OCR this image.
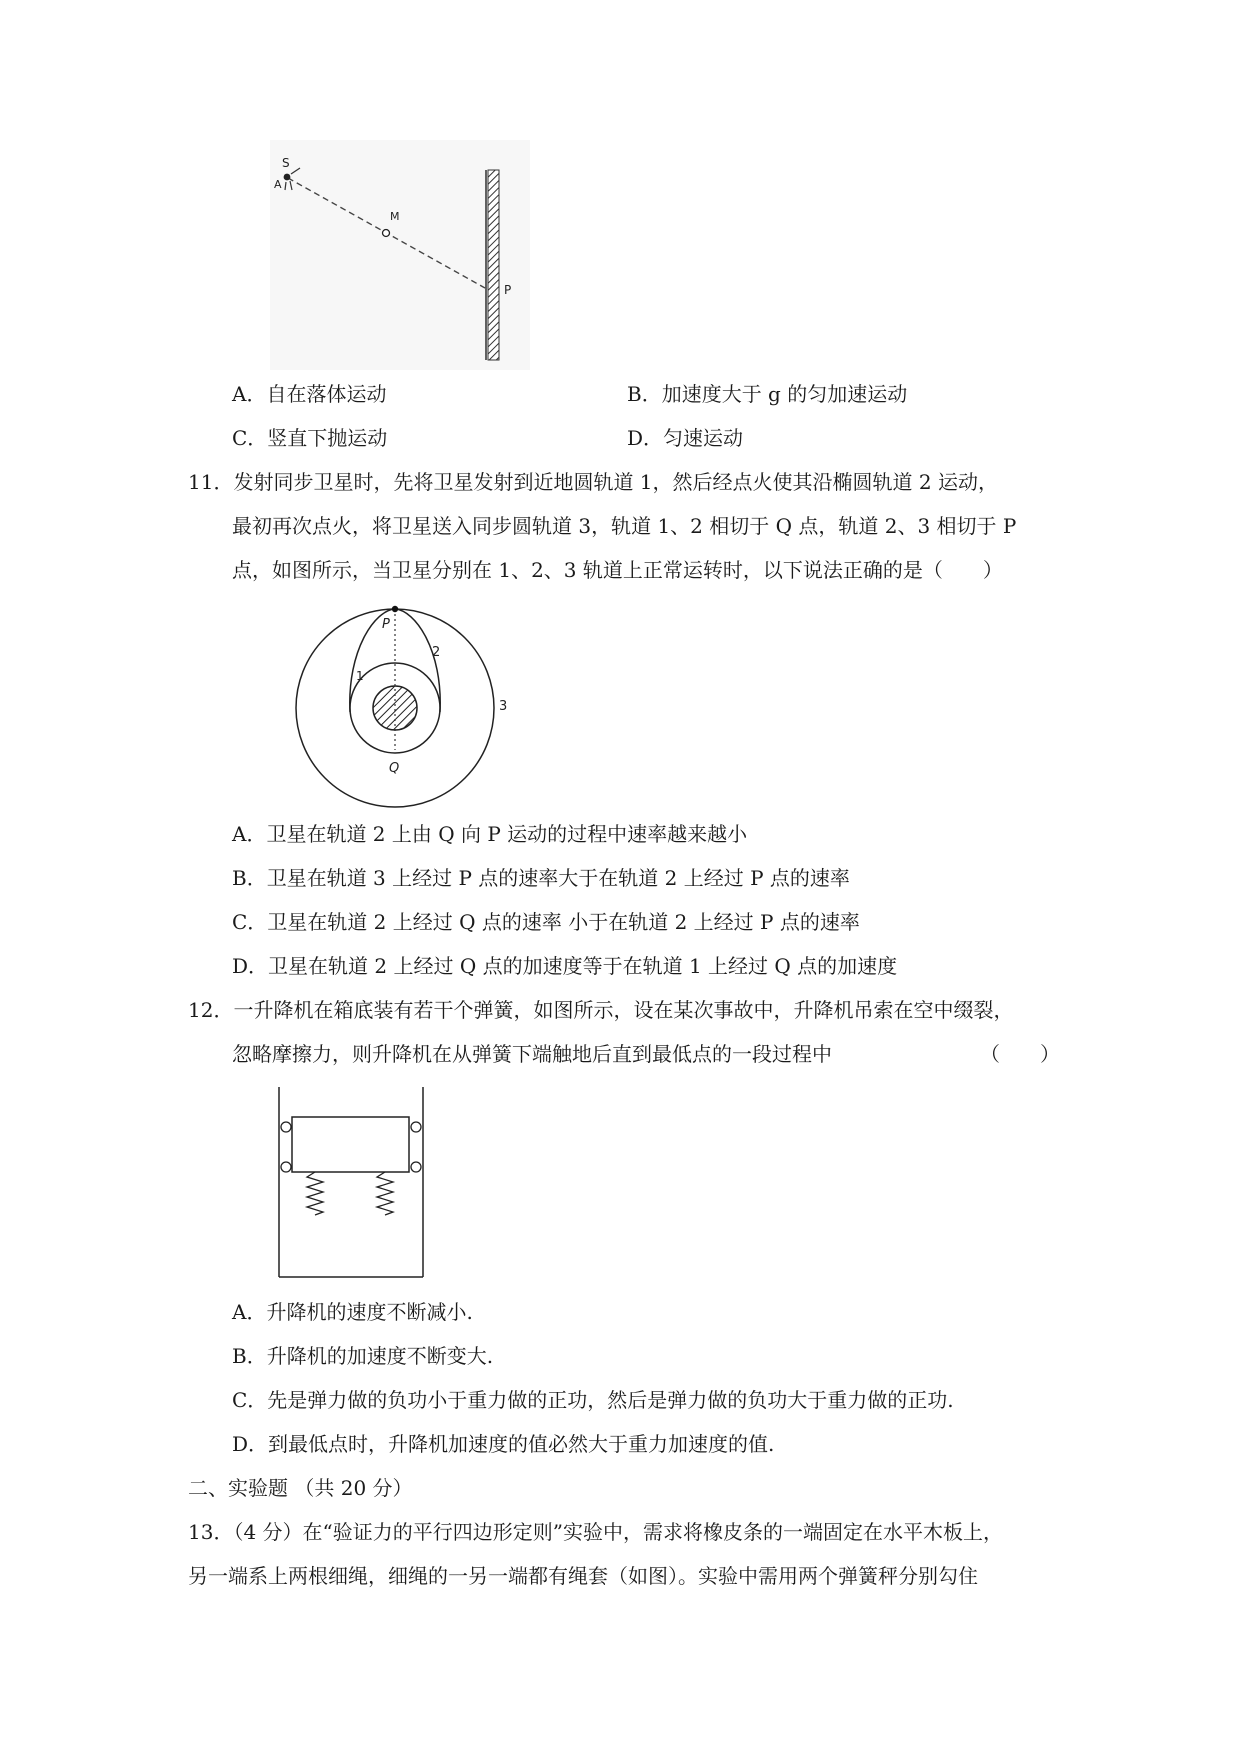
S
A
M
P
A．自在落体运动	B．加速度大于 g 的匀加速运动
C．竖直下抛运动	D．匀速运动
11．发射同步卫星时，先将卫星发射到近地圆轨道 1，然后经点火使其沿椭圆轨道 2 运动，
最初再次点火，将卫星送入同步圆轨道 3，轨道 1、2 相切于 Q 点，轨道 2、3 相切于 P
点，如图所示，当卫星分别在 1、2、3 轨道上正常运转时，以下说法正确的是（　　）
P
Q
1
2
3
A．卫星在轨道 2 上由 Q 向 P 运动的过程中速率越来越小
B．卫星在轨道 3 上经过 P 点的速率大于在轨道 2 上经过 P 点的速率
C．卫星在轨道 2 上经过 Q 点的速率 小于在轨道 2 上经过 P 点的速率
D．卫星在轨道 2 上经过 Q 点的加速度等于在轨道 1 上经过 Q 点的加速度
12．一升降机在箱底装有若干个弹簧，如图所示，设在某次事故中，升降机吊索在空中缀裂，
忽略摩擦力，则升降机在从弹簧下端触地后直到最低点的一段过程中	（　　）
A．升降机的速度不断减小.
B．升降机的加速度不断变大.
C．先是弹力做的负功小于重力做的正功，然后是弹力做的负功大于重力做的正功.
D．到最低点时，升降机加速度的值必然大于重力加速度的值.
二、实验题 （共 20 分）
13．（4 分）在“验证力的平行四边形定则”实验中，需求将橡皮条的一端固定在水平木板上，
另一端系上两根细绳，细绳的一另一端都有绳套（如图）。实验中需用两个弹簧秤分别勾住
